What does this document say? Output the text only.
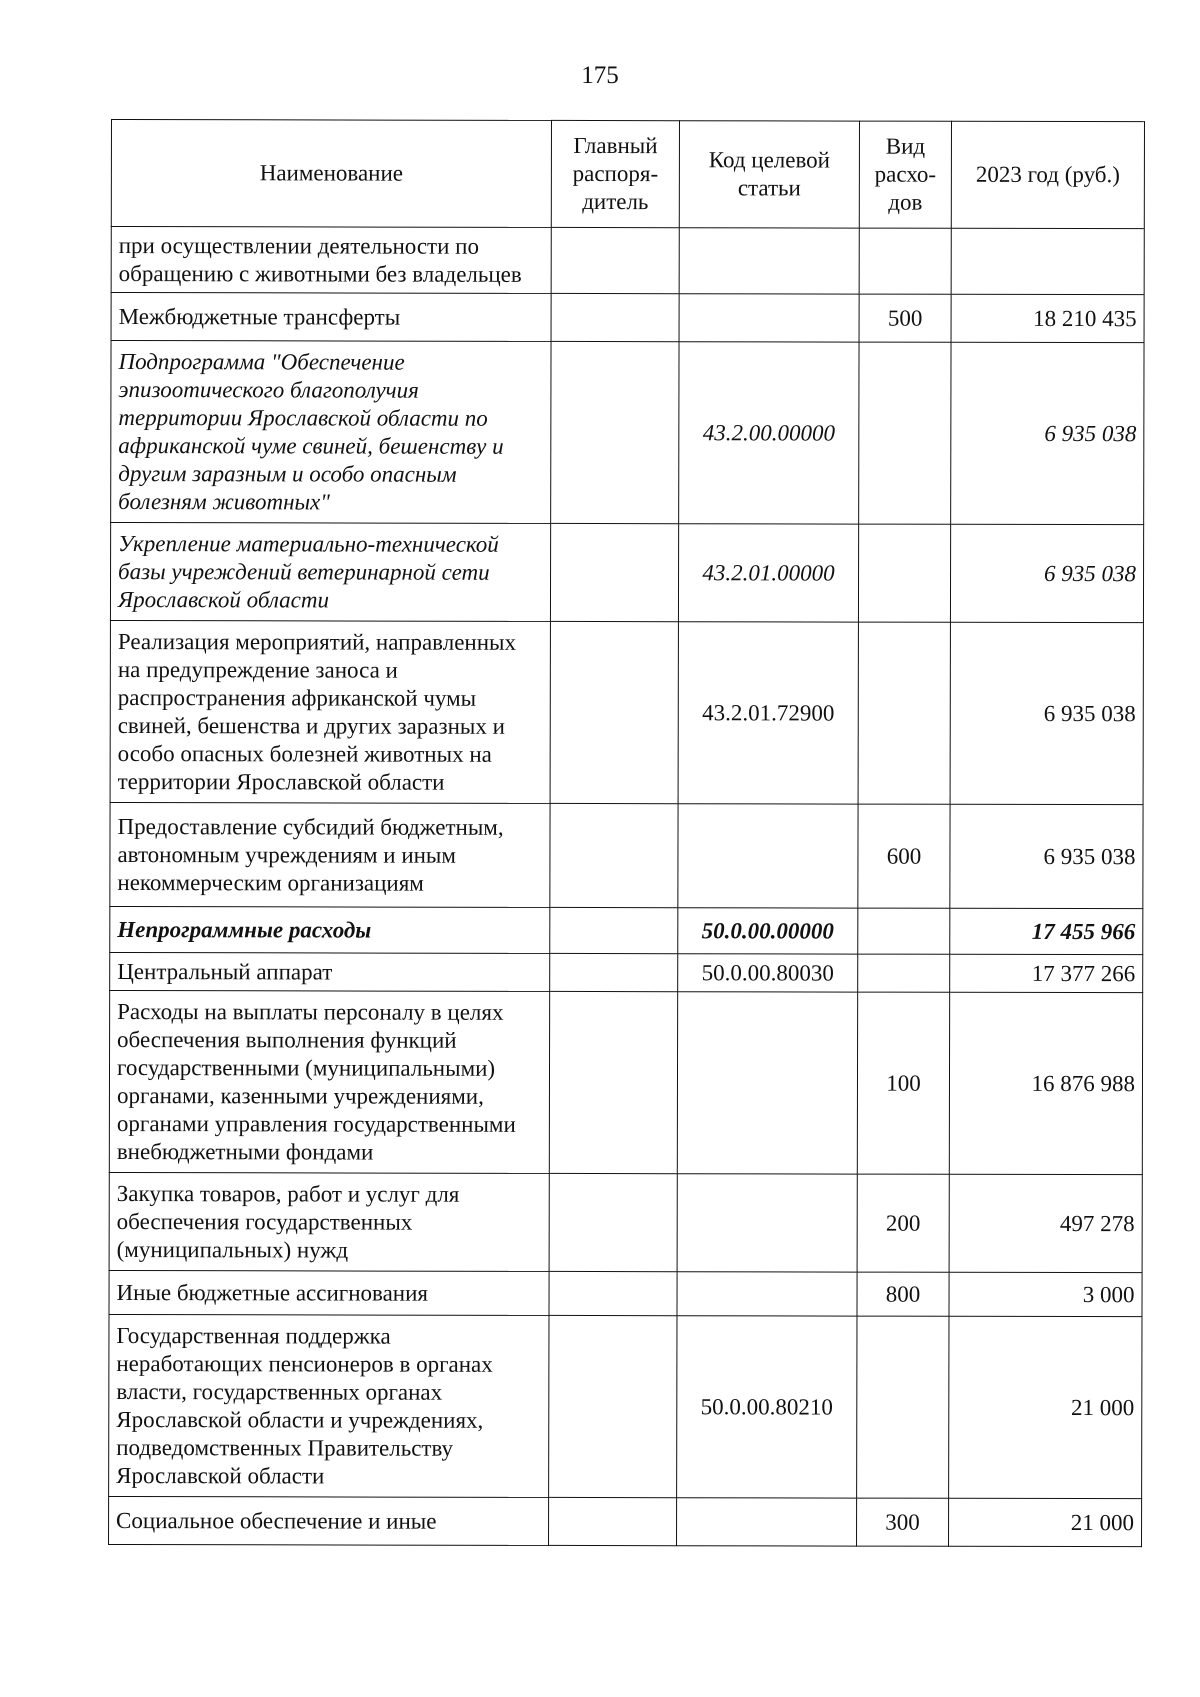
175
Наименование	Главный распоря-дитель	Код целевой статьи	Вид расхо-дов	2023 год (руб.)
при осуществлении деятельности по обращению с животными без владельцев				
Межбюджетные трансферты			500	18 210 435
Подпрограмма "Обеспечение эпизоотического благополучия территории Ярославской области по африканской чуме свиней, бешенству и другим заразным и особо опасным болезням животных"		43.2.00.00000		6 935 038
Укрепление материально-технической базы учреждений ветеринарной сети Ярославской области		43.2.01.00000		6 935 038
Реализация мероприятий, направленных на предупреждение заноса и распространения африканской чумы свиней, бешенства и других заразных и особо опасных болезней животных на территории Ярославской области		43.2.01.72900		6 935 038
Предоставление субсидий бюджетным, автономным учреждениям и иным некоммерческим организациям			600	6 935 038
Непрограммные расходы		50.0.00.00000		17 455 966
Центральный аппарат		50.0.00.80030		17 377 266
Расходы на выплаты персоналу в целях обеспечения выполнения функций государственными (муниципальными) органами, казенными учреждениями, органами управления государственными внебюджетными фондами			100	16 876 988
Закупка товаров, работ и услуг для обеспечения государственных (муниципальных) нужд			200	497 278
Иные бюджетные ассигнования			800	3 000
Государственная поддержка неработающих пенсионеров в органах власти, государственных органах Ярославской области и учреждениях, подведомственных Правительству Ярославской области		50.0.00.80210		21 000
Социальное обеспечение и иные			300	21 000
